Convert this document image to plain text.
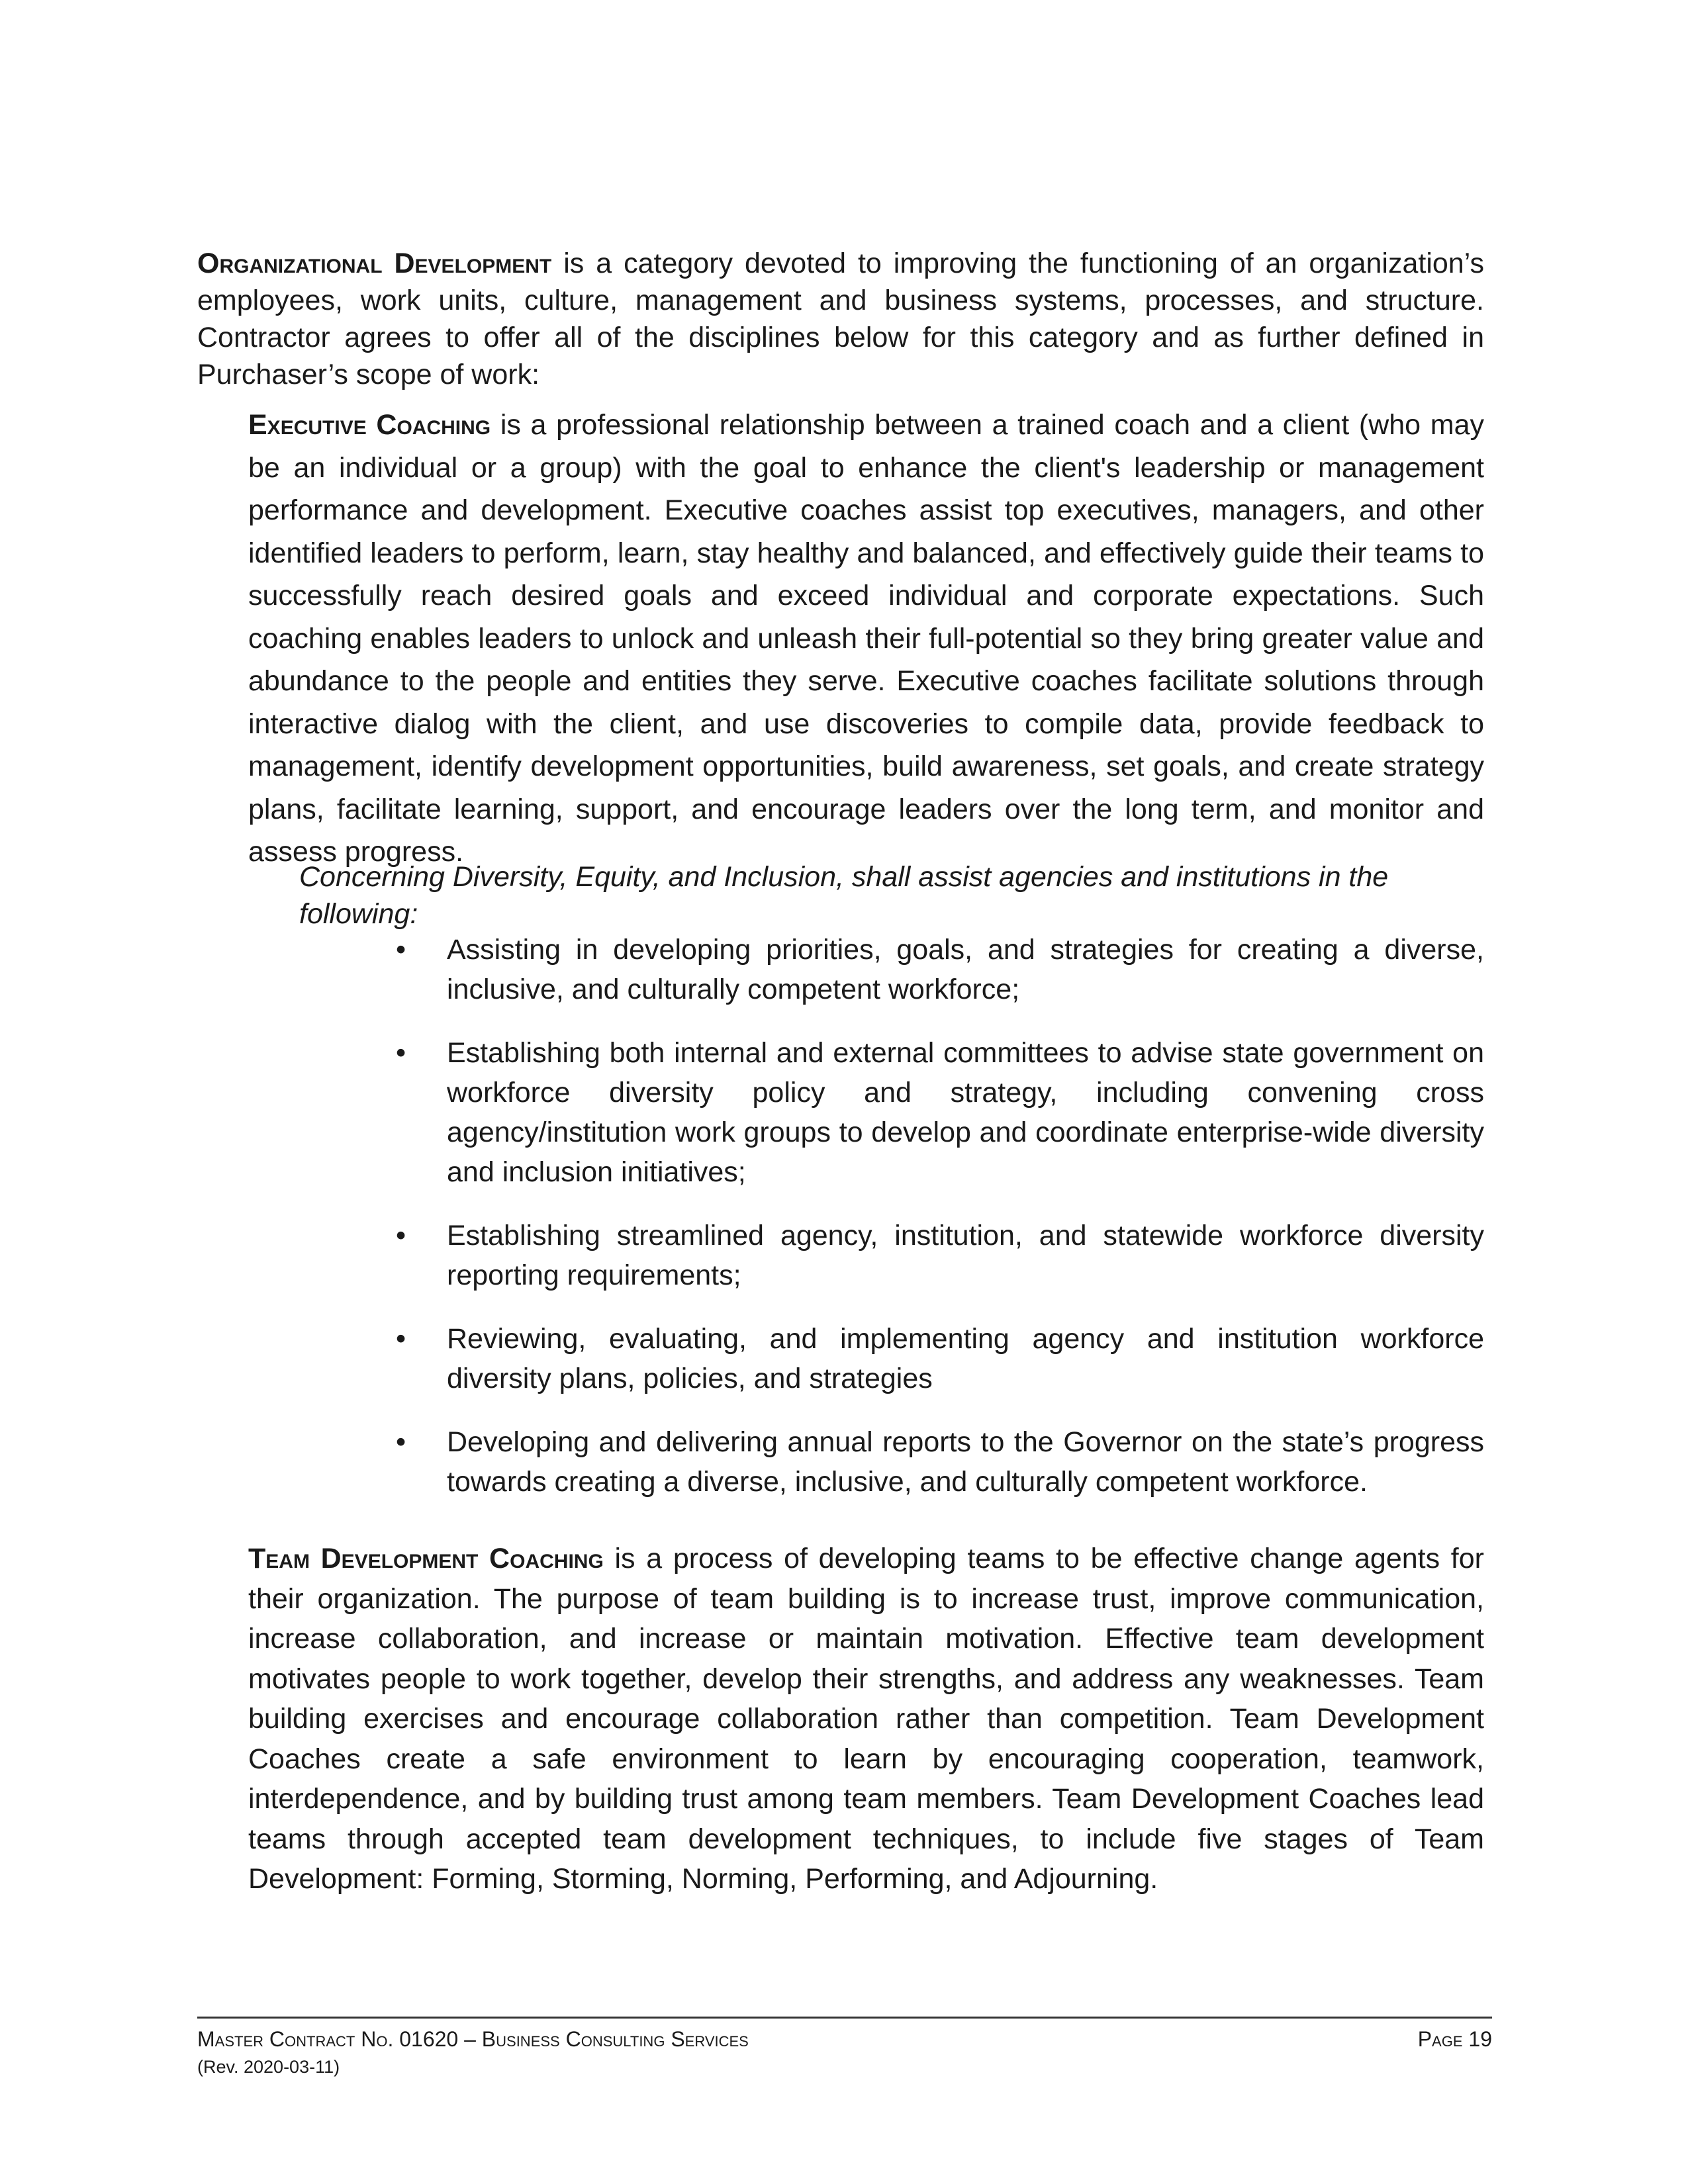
Organizational Development is a category devoted to improving the functioning of an organization’s employees, work units, culture, management and business systems, processes, and structure. Contractor agrees to offer all of the disciplines below for this category and as further defined in Purchaser’s scope of work:

Executive Coaching is a professional relationship between a trained coach and a client (who may be an individual or a group) with the goal to enhance the client's leadership or management performance and development. Executive coaches assist top executives, managers, and other identified leaders to perform, learn, stay healthy and balanced, and effectively guide their teams to successfully reach desired goals and exceed individual and corporate expectations. Such coaching enables leaders to unlock and unleash their full-potential so they bring greater value and abundance to the people and entities they serve. Executive coaches facilitate solutions through interactive dialog with the client, and use discoveries to compile data, provide feedback to management, identify development opportunities, build awareness, set goals, and create strategy plans, facilitate learning, support, and encourage leaders over the long term, and monitor and assess progress.

Concerning Diversity, Equity, and Inclusion, shall assist agencies and institutions in the following:

• Assisting in developing priorities, goals, and strategies for creating a diverse, inclusive, and culturally competent workforce;
• Establishing both internal and external committees to advise state government on workforce diversity policy and strategy, including convening cross agency/institution work groups to develop and coordinate enterprise-wide diversity and inclusion initiatives;
• Establishing streamlined agency, institution, and statewide workforce diversity reporting requirements;
• Reviewing, evaluating, and implementing agency and institution workforce diversity plans, policies, and strategies
• Developing and delivering annual reports to the Governor on the state’s progress towards creating a diverse, inclusive, and culturally competent workforce.

Team Development Coaching is a process of developing teams to be effective change agents for their organization. The purpose of team building is to increase trust, improve communication, increase collaboration, and increase or maintain motivation. Effective team development motivates people to work together, develop their strengths, and address any weaknesses. Team building exercises and encourage collaboration rather than competition. Team Development Coaches create a safe environment to learn by encouraging cooperation, teamwork, interdependence, and by building trust among team members. Team Development Coaches lead teams through accepted team development techniques, to include five stages of Team Development: Forming, Storming, Norming, Performing, and Adjourning.

Master Contract No. 01620 – Business Consulting Services	Page 19
(Rev. 2020-03-11)
